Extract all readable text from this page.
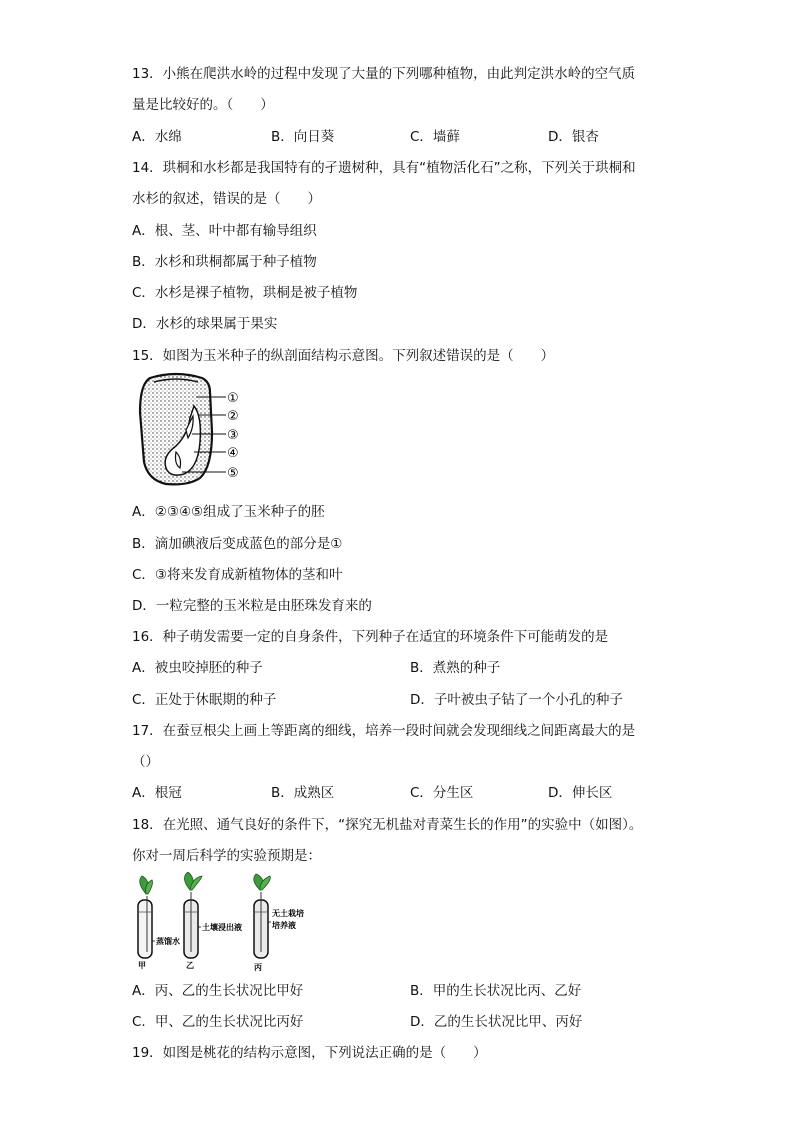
13．小熊在爬洪水岭的过程中发现了大量的下列哪种植物，由此判定洪水岭的空气质
量是比较好的。（　　）
A．水绵	B．向日葵	C．墙藓	D．银杏
14．珙桐和水杉都是我国特有的孑遗树种，具有“植物活化石”之称，下列关于珙桐和
水杉的叙述，错误的是（　　）
A．根、茎、叶中都有输导组织
B．水杉和珙桐都属于种子植物
C．水杉是裸子植物，珙桐是被子植物
D．水杉的球果属于果实
15．如图为玉米种子的纵剖面结构示意图。下列叙述错误的是（　　）
①
②
③
④
⑤
A．②③④⑤组成了玉米种子的胚
B．滴加碘液后变成蓝色的部分是①
C．③将来发育成新植物体的茎和叶
D．一粒完整的玉米粒是由胚珠发育来的
16．种子萌发需要一定的自身条件，下列种子在适宜的环境条件下可能萌发的是
A．被虫咬掉胚的种子	B．煮熟的种子
C．正处于休眠期的种子	D．子叶被虫子钻了一个小孔的种子
17．在蚕豆根尖上画上等距离的细线，培养一段时间就会发现细线之间距离最大的是
（）
A．根冠	B．成熟区	C．分生区	D．伸长区
18．在光照、通气良好的条件下，“探究无机盐对青菜生长的作用”的实验中（如图）。
你对一周后科学的实验预期是：
蒸馏水
土壤浸出液
无土栽培
培养液
甲	乙	丙
A．丙、乙的生长状况比甲好	B．甲的生长状况比丙、乙好
C．甲、乙的生长状况比丙好	D．乙的生长状况比甲、丙好
19．如图是桃花的结构示意图，下列说法正确的是（　　）
